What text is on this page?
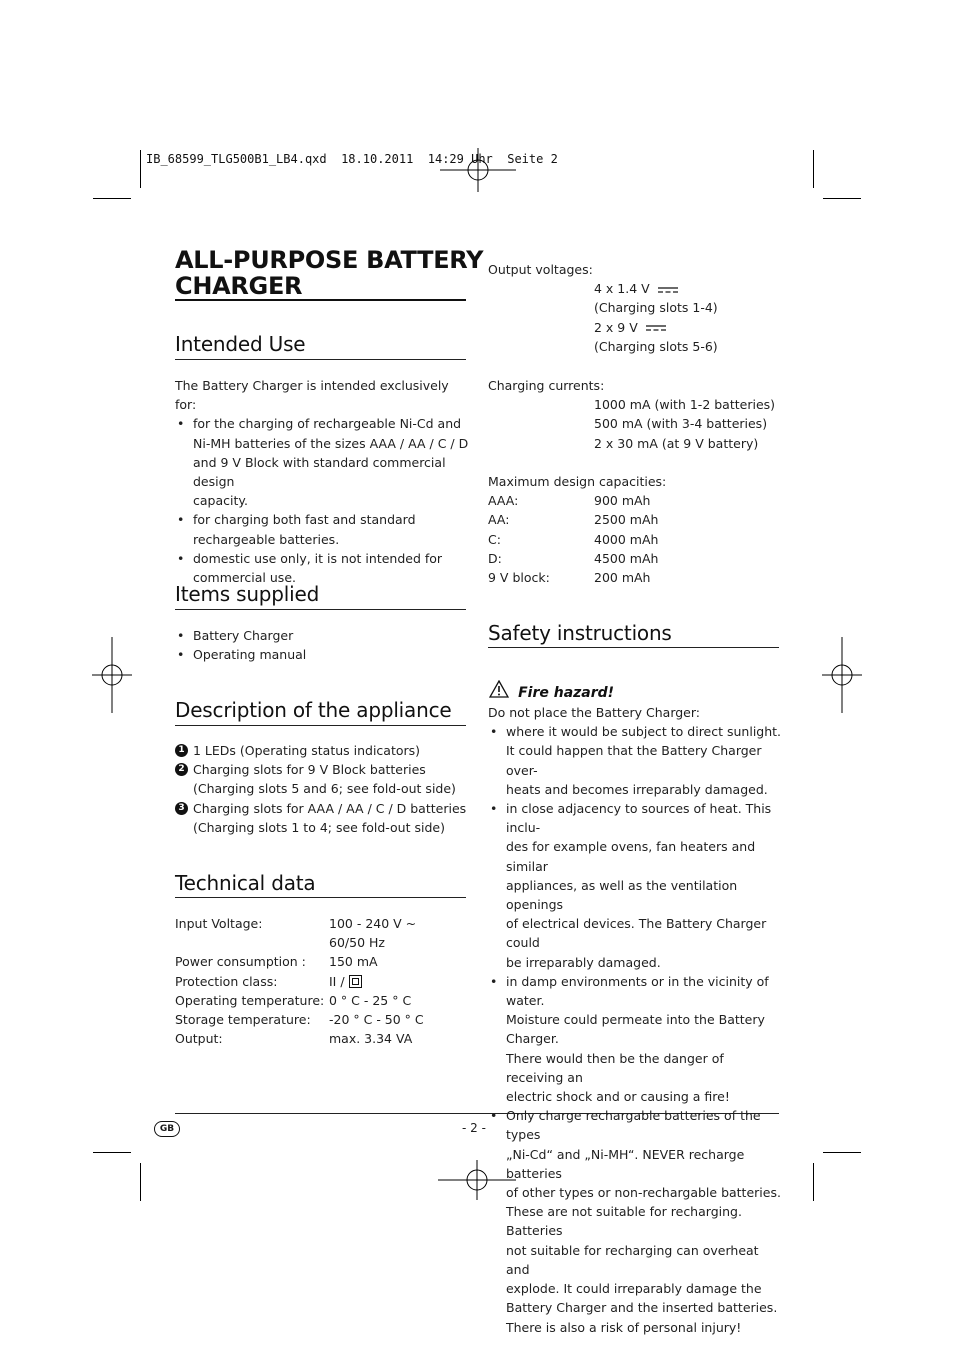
IB_68599_TLG500B1_LB4.qxd  18.10.2011  14:29 Uhr  Seite 2
ALL-PURPOSE BATTERY
CHARGER
Intended Use
The Battery Charger is intended exclusively for:
• for the charging of rechargeable Ni-Cd and
Ni-MH batteries of the sizes AAA / AA / C / D
and 9 V Block with standard commercial design
capacity.
• for charging both fast and standard
rechargeable batteries.
• domestic use only, it is not intended for
commercial use.
Items supplied
• Battery Charger
• Operating manual
Description of the appliance
1 1 LEDs (Operating status indicators)
2 Charging slots for 9 V Block batteries
(Charging slots 5 and 6; see fold-out side)
3 Charging slots for AAA / AA / C / D batteries
(Charging slots 1 to 4; see fold-out side)
Technical data
Input Voltage:	100 - 240 V ~
60/50 Hz
Power consumption : 150 mA
Protection class:	II /
Operating temperature: 0 ° C - 25 ° C
Storage temperature: -20 ° C - 50 ° C
Output:	max. 3.34 VA
Output voltages:
4 x 1.4 V
(Charging slots 1-4)
2 x 9 V
(Charging slots 5-6)
Charging currents:
1000 mA (with 1-2 batteries)
500 mA (with 3-4 batteries)
2 x 30 mA (at 9 V battery)
Maximum design capacities:
AAA:	900 mAh
AA:	2500 mAh
C:	4000 mAh
D:	4500 mAh
9 V block:	200 mAh
Safety instructions
Fire hazard!
Do not place the Battery Charger:
• where it would be subject to direct sunlight.
It could happen that the Battery Charger over-
heats and becomes irreparably damaged.
• in close adjacency to sources of heat. This inclu-
des for example ovens, fan heaters and similar
appliances, as well as the ventilation openings
of electrical devices. The Battery Charger could
be irreparably damaged.
• in damp environments or in the vicinity of water.
Moisture could permeate into the Battery Charger.
There would then be the danger of receiving an
electric shock and or causing a fire!
• Only charge rechargable batteries of the types
„Ni-Cd“ and „Ni-MH“. NEVER recharge batteries
of other types or non-rechargable batteries.
These are not suitable for recharging. Batteries
not suitable for recharging can overheat and
explode. It could irreparably damage the
Battery Charger and the inserted batteries.
There is also a risk of personal injury!
GB	- 2 -
